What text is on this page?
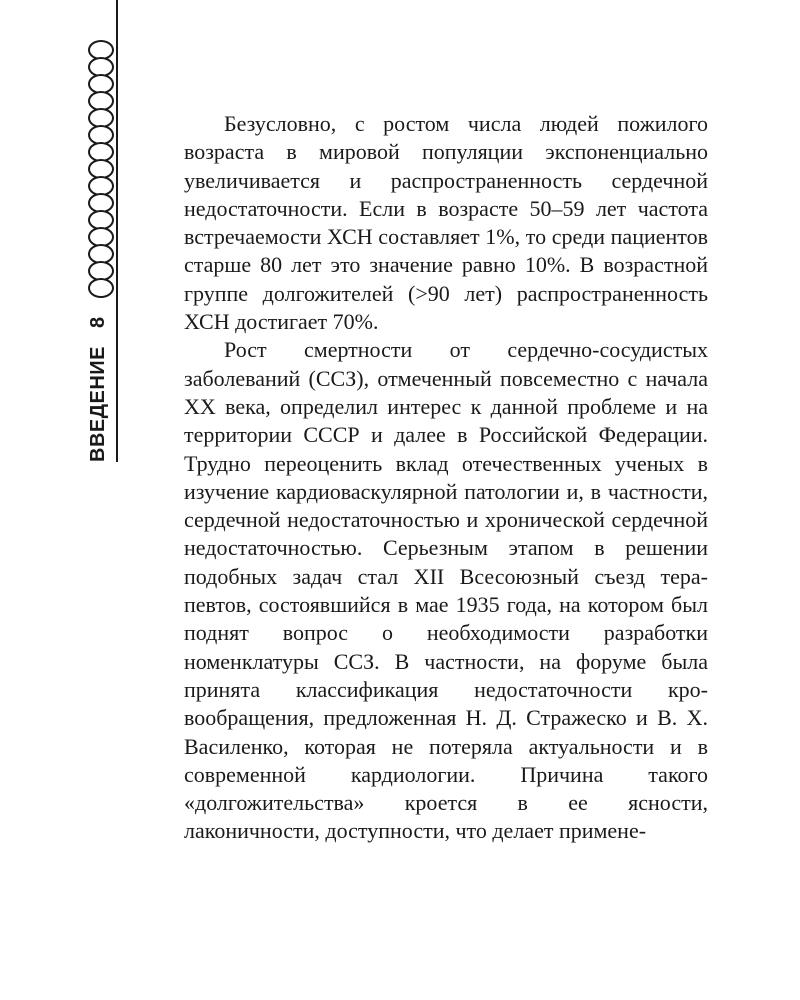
ВВЕДЕНИЕ8

Безусловно, с ростом числа людей пожилого возраста в мировой популяции экспоненциально увеличивается и распространенность сердечной недостаточности. Если в возрасте 50–59 лет частота встречаемости ХСН составляет 1%, то среди пациентов старше 80 лет это значение равно 10%. В возрастной группе долгожителей (>90 лет) распространенность ХСН достигает 70%.

Рост смертности от сердечно-сосудистых заболеваний (ССЗ), отмеченный повсеместно с начала XX века, определил интерес к данной проблеме и на территории СССР и далее в Российской Федерации. Трудно переоценить вклад отечественных ученых в изучение кардиоваскулярной патологии и, в частности, сердечной недостаточностью и хронической сердечной недостаточностью. Серьезным этапом в решении подобных задач стал XII Всесоюзный съезд терапевтов, состоявшийся в мае 1935 года, на котором был поднят вопрос о необходимости разработки номенклатуры ССЗ. В частности, на форуме была принята классификация недостаточности кровообращения, предложенная Н. Д. Стражеско и В. Х. Василенко, которая не потеряла актуальности и в современной кардиологии. Причина такого «долгожительства» кроется в ее ясности, лаконичности, доступности, что делает примене-
